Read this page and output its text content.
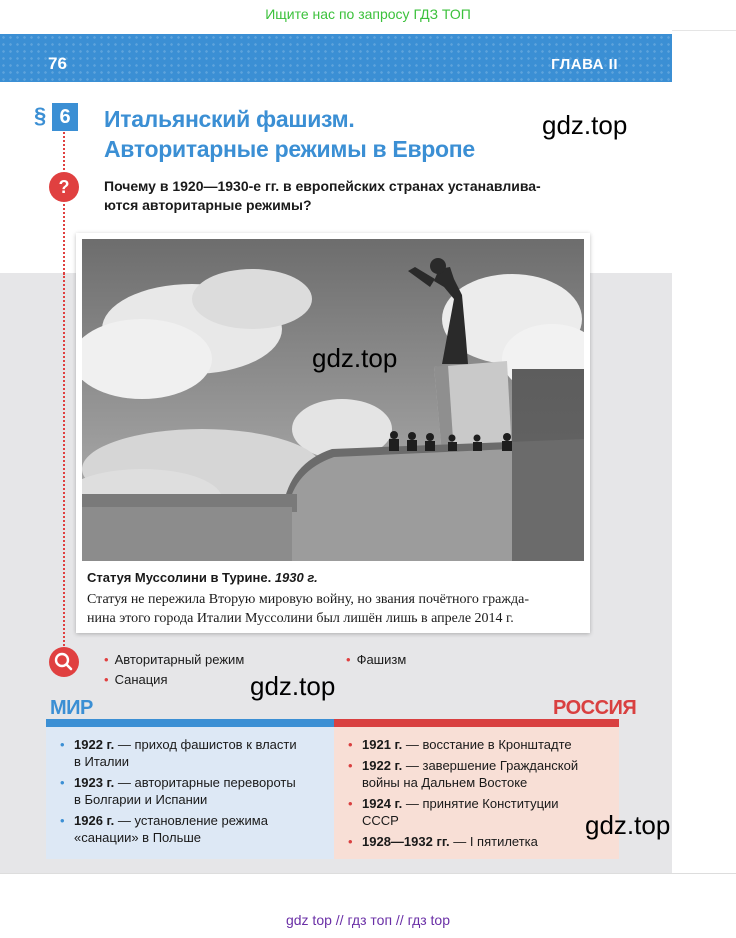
Ищите нас по запросу ГДЗ ТОП
76	ГЛАВА II
§ 6	Итальянский фашизм.
Авторитарные режимы в Европе
gdz.top
?	Почему в 1920—1930-е гг. в европейских странах устанавлива-
ются авторитарные режимы?
Статуя Муссолини в Турине. 1930 г.
Статуя не пережила Вторую мировую войну, но звания почётного гражда-
нина этого города Италии Муссолини был лишён лишь в апреле 2014 г.
gdz.top
• Авторитарный режим
• Санация
• Фашизм
gdz.top
МИР	РОССИЯ
• 1922 г. — приход фашистов к власти
в Италии
• 1923 г. — авторитарные перевороты
в Болгарии и Испании
• 1926 г. — установление режима
«санации» в Польше
• 1921 г. — восстание в Кронштадте
• 1922 г. — завершение Гражданской
войны на Дальнем Востоке
• 1924 г. — принятие Конституции
СССР
• 1928—1932 гг. — I пятилетка
gdz.top
gdz top // гдз топ // гдз top
